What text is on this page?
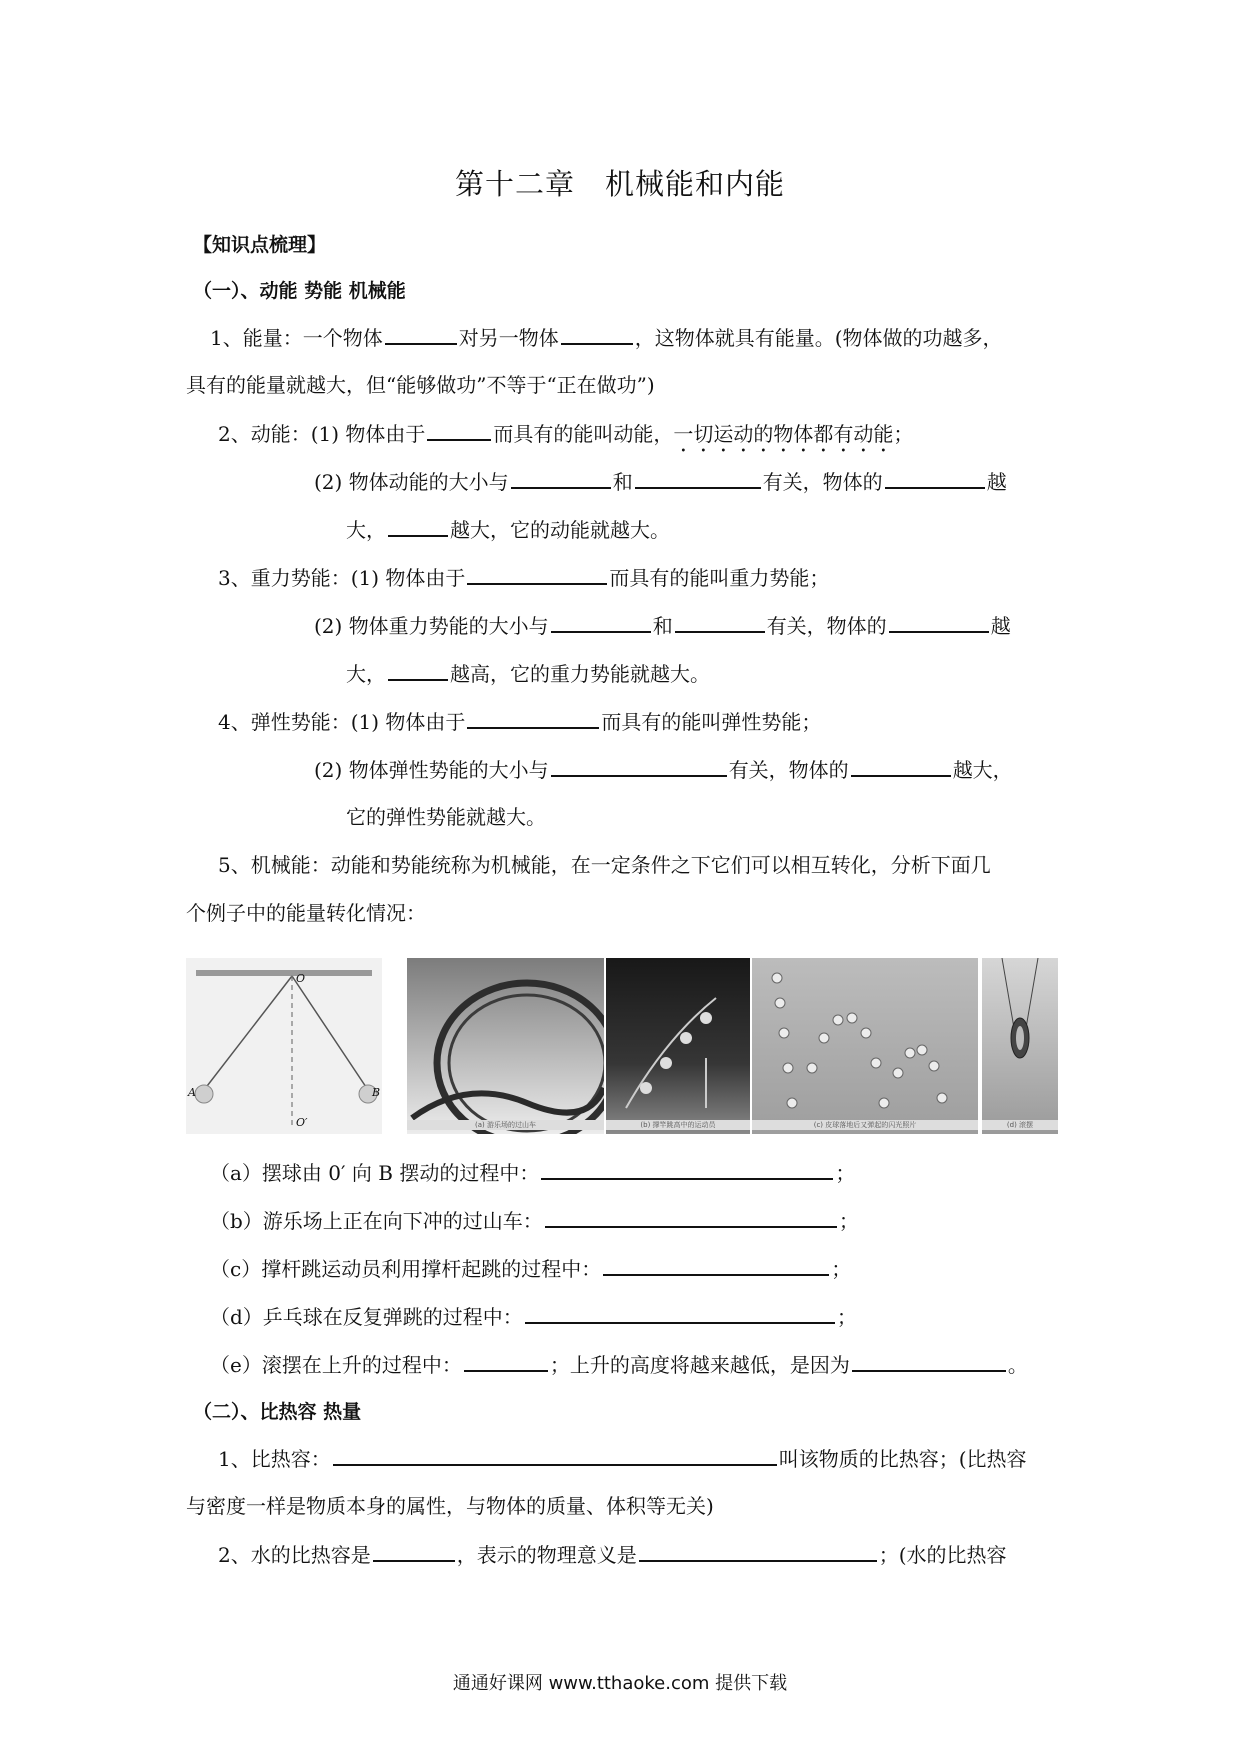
第十二章 机械能和内能
【知识点梳理】
（一）、动能 势能 机械能
1、能量：一个物体	对另一物体	，这物体就具有能量。(物体做的功越多，
具有的能量就越大，但“能够做功”不等于“正在做功”)
2、动能：(1) 物体由于	而具有的能叫动能，一切运动的物体都有动能；
(2) 物体动能的大小与	和	有关，物体的	越
大，	越大，它的动能就越大。
3、重力势能：(1) 物体由于	而具有的能叫重力势能；
(2) 物体重力势能的大小与	和	有关，物体的	越
大，	越高，它的重力势能就越大。
4、弹性势能：(1) 物体由于	而具有的能叫弹性势能；
(2) 物体弹性势能的大小与	有关，物体的	越大，
它的弹性势能就越大。
5、机械能：动能和势能统称为机械能，在一定条件之下它们可以相互转化，分析下面几
个例子中的能量转化情况：
O
O′
A	B
(a) 游乐场的过山车	(b) 撑竿跳高中的运动员	(c) 皮球落地后又弹起的闪光照片	(d) 滚摆
（a）摆球由 0′ 向 B 摆动的过程中：	；
（b）游乐场上正在向下冲的过山车：	；
（c）撑杆跳运动员利用撑杆起跳的过程中：	；
（d）乒乓球在反复弹跳的过程中：	；
（e）滚摆在上升的过程中：	；上升的高度将越来越低，是因为	。
（二）、比热容 热量
1、比热容：	叫该物质的比热容；(比热容
与密度一样是物质本身的属性，与物体的质量、体积等无关)
2、水的比热容是	，表示的物理意义是	；(水的比热容
通通好课网 www.tthaoke.com 提供下载
